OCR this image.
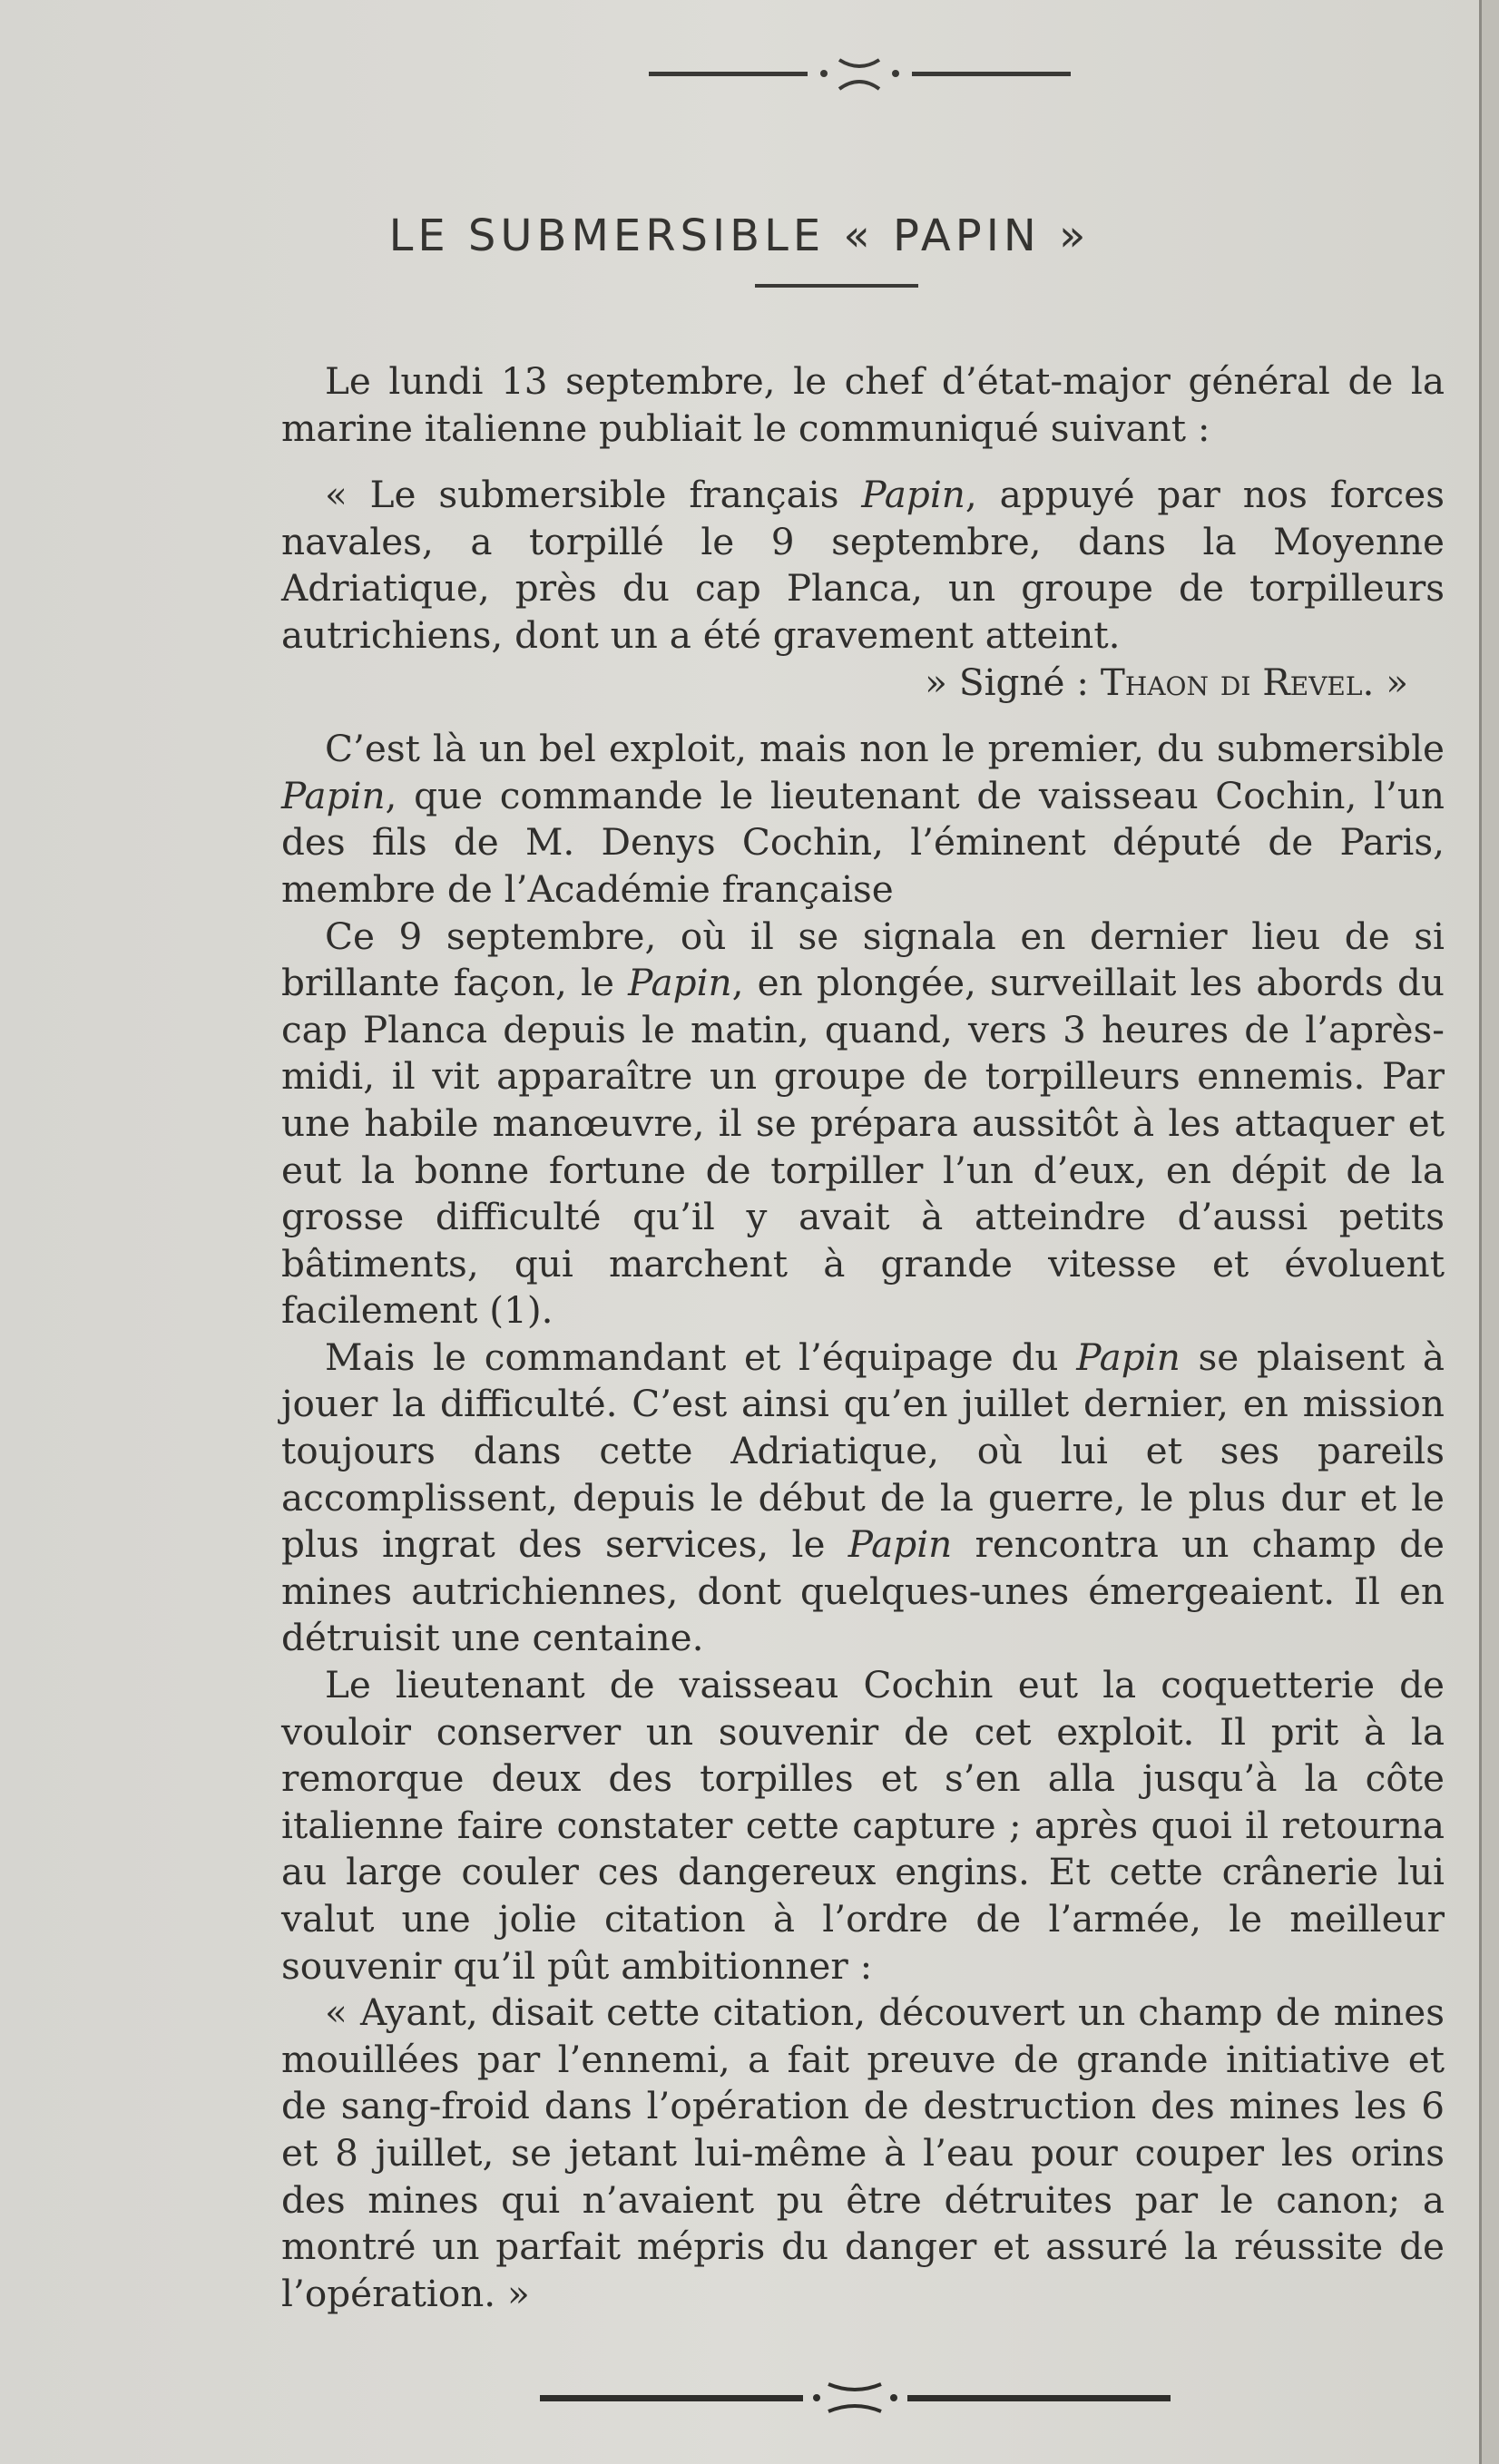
LE SUBMERSIBLE « PAPIN »

Le lundi 13 septembre, le chef d’état-major général de la marine italienne publiait le communiqué suivant :

« Le submersible français Papin, appuyé par nos forces navales, a torpillé le 9 septembre, dans la Moyenne Adriatique, près du cap Planca, un groupe de torpilleurs autrichiens, dont un a été gravement atteint.

» Signé : Thaon di Revel. »

C’est là un bel exploit, mais non le premier, du submersible Papin, que commande le lieutenant de vaisseau Cochin, l’un des fils de M. Denys Cochin, l’éminent député de Paris, membre de l’Académie française

Ce 9 septembre, où il se signala en dernier lieu de si brillante façon, le Papin, en plongée, surveillait les abords du cap Planca depuis le matin, quand, vers 3 heures de l’après-midi, il vit apparaître un groupe de torpilleurs ennemis. Par une habile manœuvre, il se prépara aussitôt à les attaquer et eut la bonne fortune de torpiller l’un d’eux, en dépit de la grosse difficulté qu’il y avait à atteindre d’aussi petits bâtiments, qui marchent à grande vitesse et évoluent facilement (1).

Mais le commandant et l’équipage du Papin se plaisent à jouer la difficulté. C’est ainsi qu’en juillet dernier, en mission toujours dans cette Adriatique, où lui et ses pareils accomplissent, depuis le début de la guerre, le plus dur et le plus ingrat des services, le Papin rencontra un champ de mines autrichiennes, dont quelques-unes émergeaient. Il en détruisit une centaine.

Le lieutenant de vaisseau Cochin eut la coquetterie de vouloir conserver un souvenir de cet exploit. Il prit à la remorque deux des torpilles et s’en alla jusqu’à la côte italienne faire constater cette capture ; après quoi il retourna au large couler ces dangereux engins. Et cette crânerie lui valut une jolie citation à l’ordre de l’armée, le meilleur souvenir qu’il pût ambitionner :

« Ayant, disait cette citation, découvert un champ de mines mouillées par l’ennemi, a fait preuve de grande initiative et de sang-froid dans l’opération de destruction des mines les 6 et 8 juillet, se jetant lui-même à l’eau pour couper les orins des mines qui n’avaient pu être détruites par le canon; a montré un parfait mépris du danger et assuré la réussite de l’opération. »
